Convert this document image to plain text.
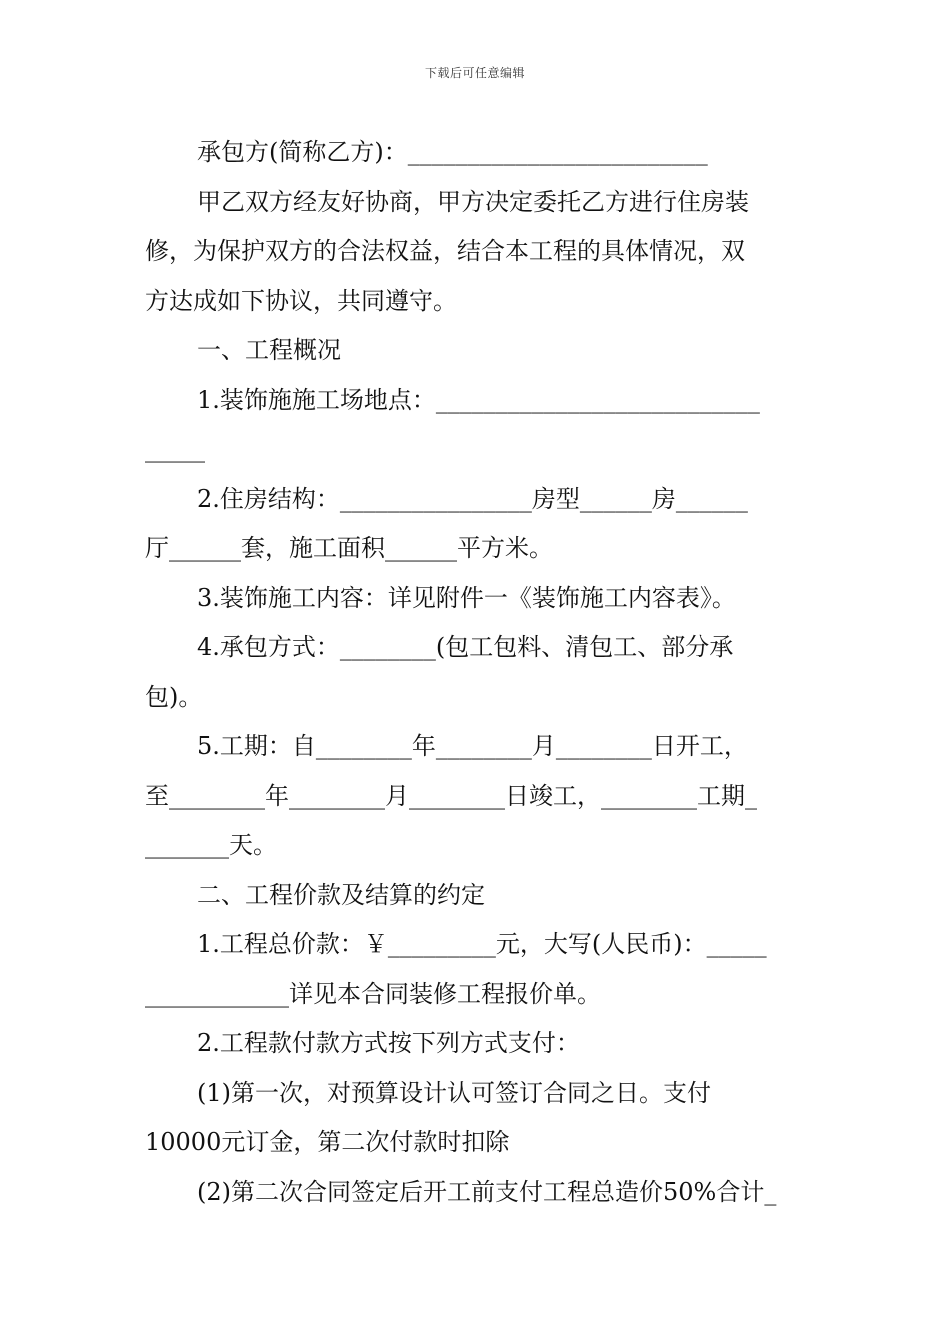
下载后可任意编辑

承包方(简称乙方)：_________________________

甲乙双方经友好协商，甲方决定委托乙方进行住房装

修，为保护双方的合法权益，结合本工程的具体情况，双

方达成如下协议，共同遵守。

一、工程概况

1.装饰施施工场地点：___________________________

_____

2.住房结构：________________房型______房______

厅______套，施工面积______平方米。

3.装饰施工内容：详见附件一《装饰施工内容表》。

4.承包方式：________(包工包料、清包工、部分承

包)。

5.工期：自________年________月________日开工，

至________年________月________日竣工，________工期_

_______天。

二、工程价款及结算的约定

1.工程总价款：￥_________元，大写(人民币)：_____

____________详见本合同装修工程报价单。

2.工程款付款方式按下列方式支付：

(1)第一次，对预算设计认可签订合同之日。支付

10000元订金，第二次付款时扣除

(2)第二次合同签定后开工前支付工程总造价50%合计_
